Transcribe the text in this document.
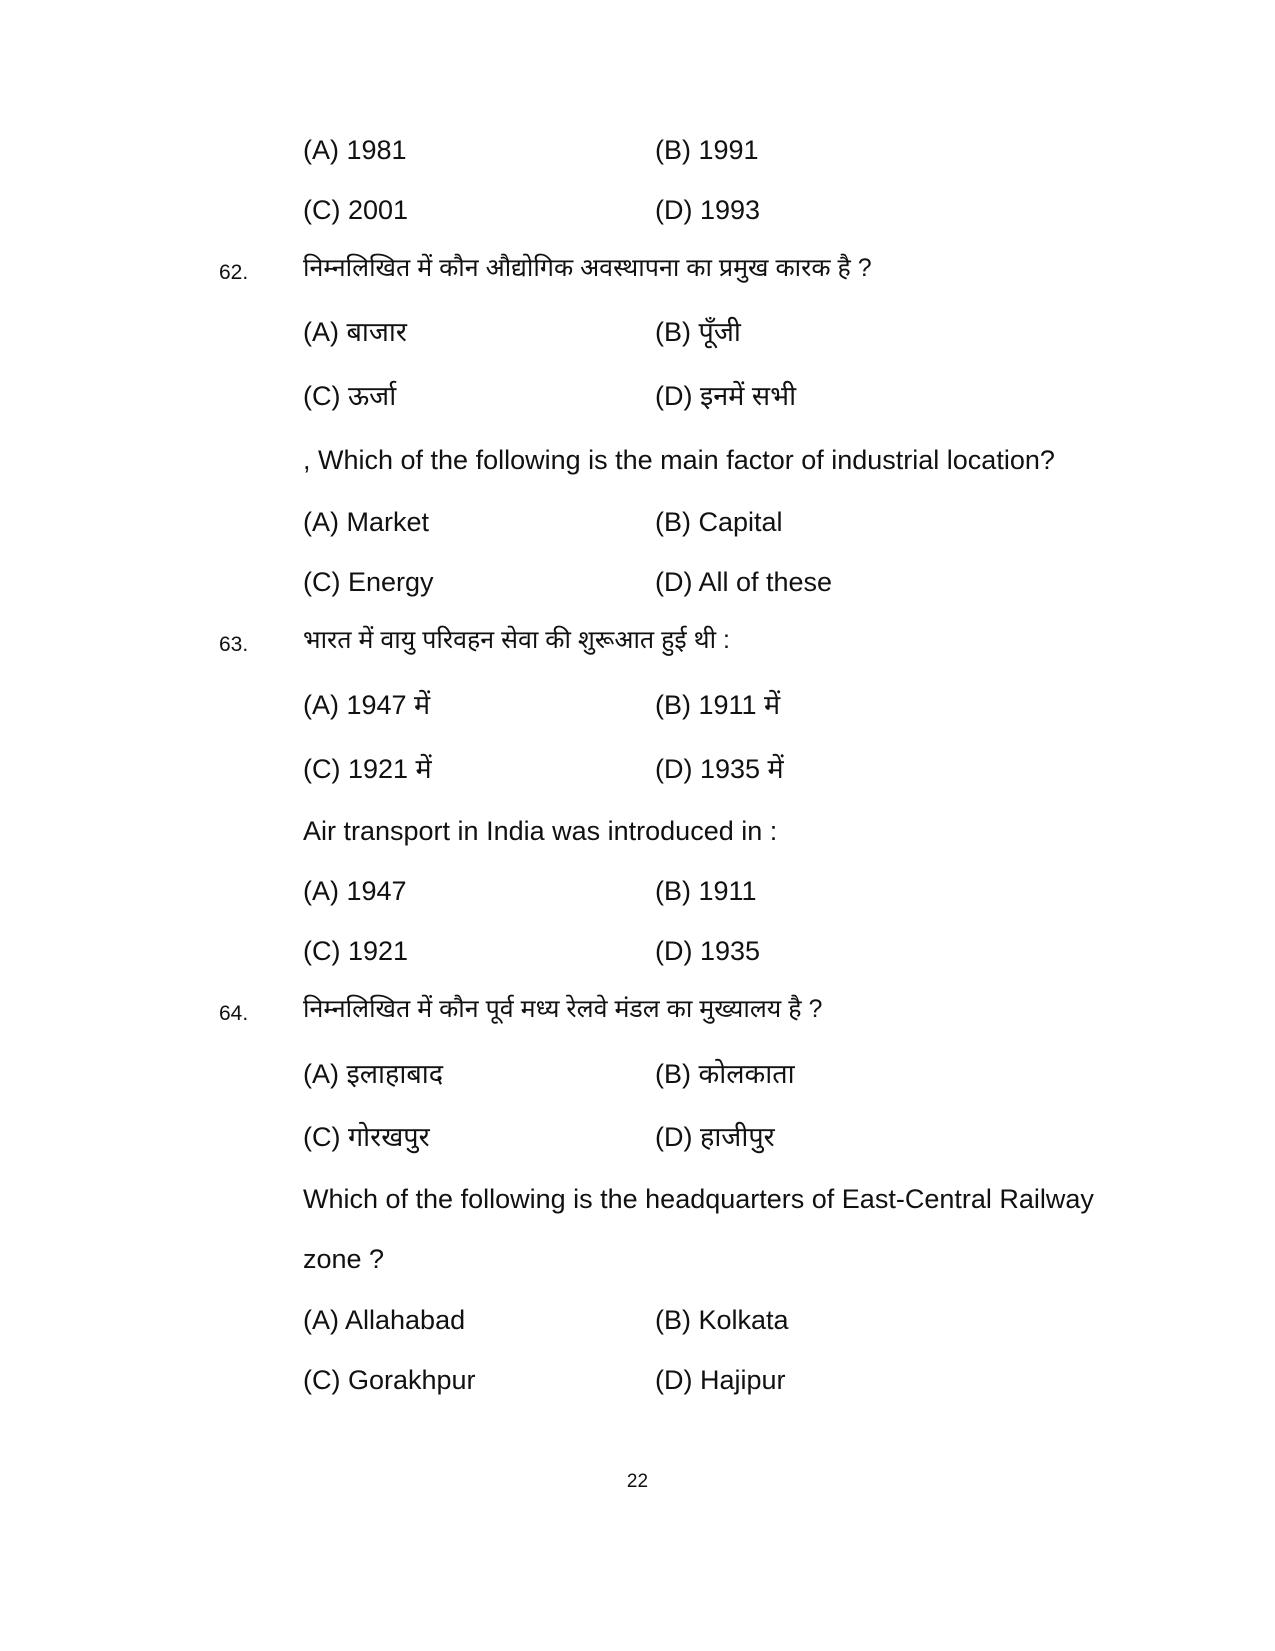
(A) 1981	(B) 1991
(C) 2001	(D) 1993
62. निम्नलिखित में कौन औद्योगिक अवस्थापना का प्रमुख कारक है ?
(A) बाजार	(B) पूँजी
(C) ऊर्जा	(D) इनमें सभी
, Which of the following is the main factor of industrial location?
(A) Market	(B) Capital
(C) Energy	(D) All of these
63. भारत में वायु परिवहन सेवा की शुरूआत हुई थी :
(A) 1947 में	(B) 1911 में
(C) 1921 में	(D) 1935 में
Air transport in India was introduced in :
(A) 1947	(B) 1911
(C) 1921	(D) 1935
64. निम्नलिखित में कौन पूर्व मध्य रेलवे मंडल का मुख्यालय है ?
(A) इलाहाबाद	(B) कोलकाता
(C) गोरखपुर	(D) हाजीपुर
Which of the following is the headquarters of East-Central Railway
zone ?
(A) Allahabad	(B) Kolkata
(C) Gorakhpur	(D) Hajipur
22
